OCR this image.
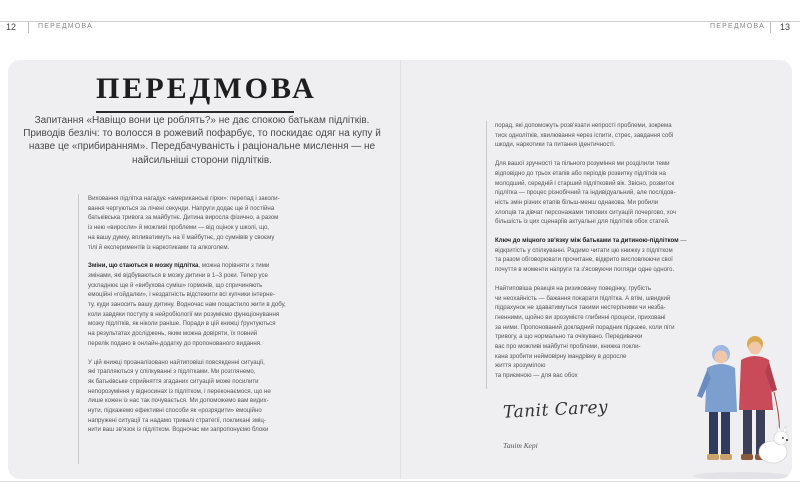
12	ПЕРЕДМОВА	ПЕРЕДМОВА 13
ПЕРЕДМОВА

Запитання «Навіщо вони це роблять?» не дає спокою батькам підлітків. Приводів безліч: то волосся в рожевий пофарбує, то поскидає одяг на купу й назве це «прибиранням». Передбачуваність і раціональне мислення — не найсильніші сторони підлітків.

Виховання підлітка нагадує «американські гірки»: перепад і заколи-
вання чергуються за лічені секунди. Напруги додає ще й постійна
батьківська тривога за майбутнє. Дитина виросла фізично, а разом
із нею «виросли» й можливі проблеми — від оцінок у школі, що,
на вашу думку, впливатимуть на її майбутнє, до сумнівів у своєму
тілі й експериментів із наркотиками та алкоголем.

Зміни, що стаються в мозку підлітка, можна порівняти з тими
змінами, які відбуваються в мозку дитини в 1–3 роки. Тепер усе
ускладнює ще й «вибухова суміш» гормонів, що спричиняють
емоційні «гойдалки», і нездатність відстежити всі купчики інтерне-
ту, куди заносить вашу дитину. Водночас нам пощастило жити в добу,
коли завдяки поступу в нейробіології ми розуміємо функціонування
мозку підлітків, як ніколи раніше. Поради в цій книжці ґрунтуються
на результатах досліджень, яким можна довіряти, їх повний
перелік подано в онлайн-додатку до пропонованого видання.

У цій книжці проаналізовано найтиповіші повсякденні ситуації,
які трапляються у спілкуванні з підлітками. Ми розглянемо,
як батьківське сприйняття згаданих ситуацій може посилити
непорозуміння у відносинах із підлітком, і переконаємося, що не
лише кожен із нас так почувається. Ми допоможемо вам видих-
нути, підкажемо ефективні способи як «розрядити» емоційно
напружені ситуації та надамо тривалі стратегії, покликані зміц-
нити ваш зв'язок із підлітком. Водночас ми запропонуємо блоки

порад, які допоможуть розв'язати непрості проблеми, зокрема
тиск однолітків, хвилювання через іспити, стрес, завдання собі
шкоди, наркотики та питання ідентичності.

Для вашої зручності та пільного розуміння ми розділили теми
відповідно до трьох етапів або періодів розвитку підлітків на
молодший, середній і старший підлітковий вік. Звісно, розвиток
підлітка — процес різнобічний та індивідуальний, але послідов-
ність змін різних етапів більш-менш однакова. Ми робили
хлопців та дівчат персонажами типових ситуацій почергово, хоч
більшість із цих сценаріїв актуальні для підлітків обох статей.

Ключ до міцного зв'язку між батьками та дитиною-підлітком —
відкритість у спілкуванні. Радимо читати цю книжку з підлітком
та разом обговорювати прочитане, відкрито висловлюючи свої
почуття в моменти напруги та з'ясовуючи погляди одне одного.

Найтиповіша реакція на ризиковану поведінку, грубість
чи неохайність — бажання покарати підлітка. А втім, швидкий
підрахунок не здаватимуться такими нестерпними чи незба-
гненними, щойно ви зрозумієте глибинні процеси, приховані
за ними. Пропонований докладний порадник підкаже, коли піти
тривогу, а що нормально та очікувано. Передивачки
вас про можливі майбутні проблеми, книжка покли-
кана зробити неймовірну мандрівку в доросле
життя зрозумілою
та приємною — для вас обох

Tanit Carey
Таніт Кері
